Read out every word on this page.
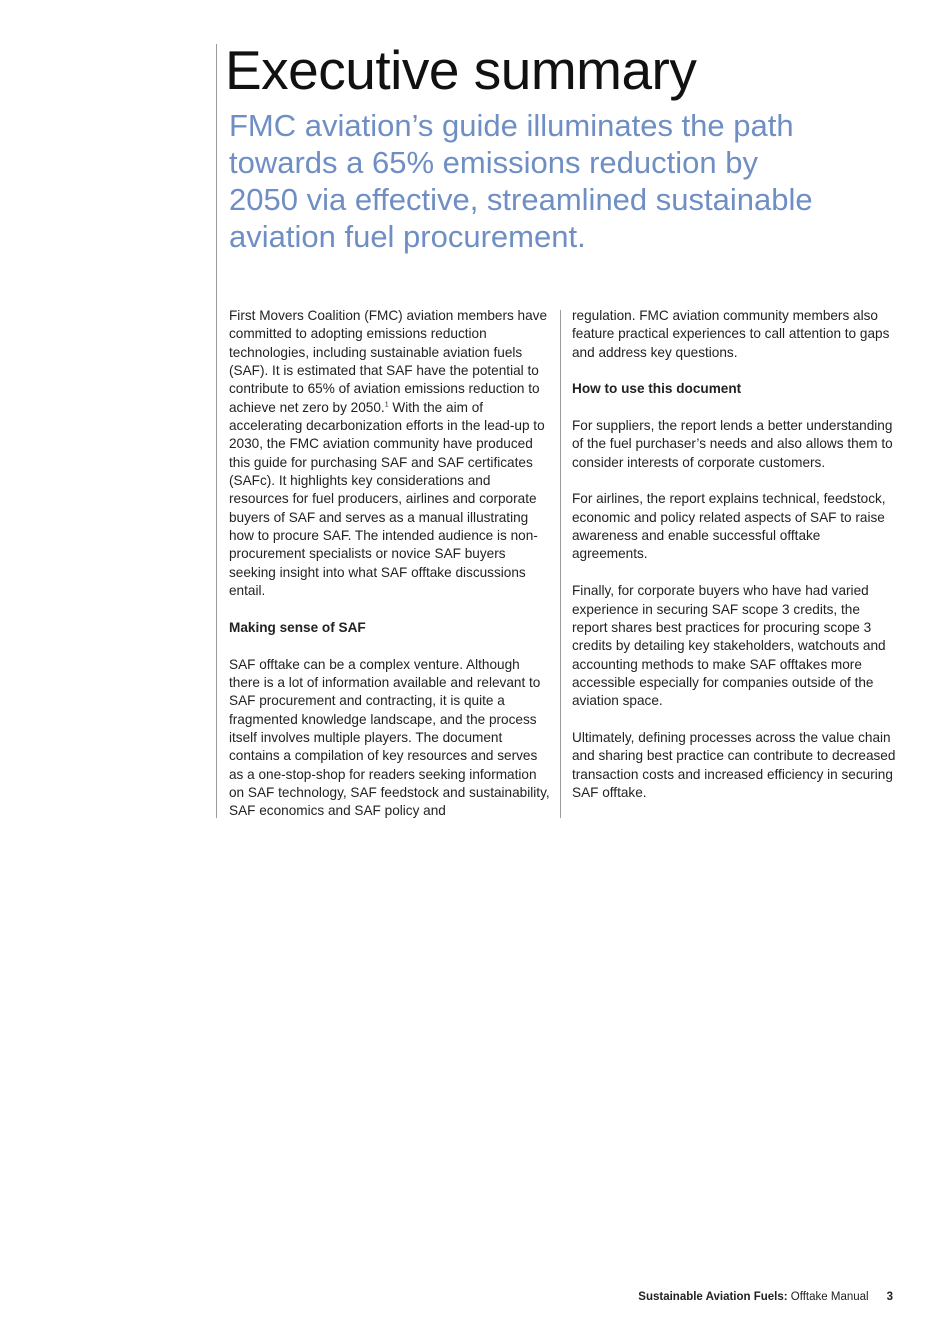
Executive summary

FMC aviation’s guide illuminates the path towards a 65% emissions reduction by 2050 via effective, streamlined sustainable aviation fuel procurement.

First Movers Coalition (FMC) aviation members have committed to adopting emissions reduction technologies, including sustainable aviation fuels (SAF). It is estimated that SAF have the potential to contribute to 65% of aviation emissions reduction to achieve net zero by 2050.$^1$ With the aim of accelerating decarbonization efforts in the lead-up to 2030, the FMC aviation community have produced this guide for purchasing SAF and SAF certificates (SAFc). It highlights key considerations and resources for fuel producers, airlines and corporate buyers of SAF and serves as a manual illustrating how to procure SAF. The intended audience is non-procurement specialists or novice SAF buyers seeking insight into what SAF offtake discussions entail.

Making sense of SAF

SAF offtake can be a complex venture. Although there is a lot of information available and relevant to SAF procurement and contracting, it is quite a fragmented knowledge landscape, and the process itself involves multiple players. The document contains a compilation of key resources and serves as a one-stop-shop for readers seeking information on SAF technology, SAF feedstock and sustainability, SAF economics and SAF policy and

regulation. FMC aviation community members also feature practical experiences to call attention to gaps and address key questions.

How to use this document

For suppliers, the report lends a better understanding of the fuel purchaser’s needs and also allows them to consider interests of corporate customers.

For airlines, the report explains technical, feedstock, economic and policy related aspects of SAF to raise awareness and enable successful offtake agreements.

Finally, for corporate buyers who have had varied experience in securing SAF scope 3 credits, the report shares best practices for procuring scope 3 credits by detailing key stakeholders, watchouts and accounting methods to make SAF offtakes more accessible especially for companies outside of the aviation space.

Ultimately, defining processes across the value chain and sharing best practice can contribute to decreased transaction costs and increased efficiency in securing SAF offtake.

Sustainable Aviation Fuels: Offtake Manual 3
